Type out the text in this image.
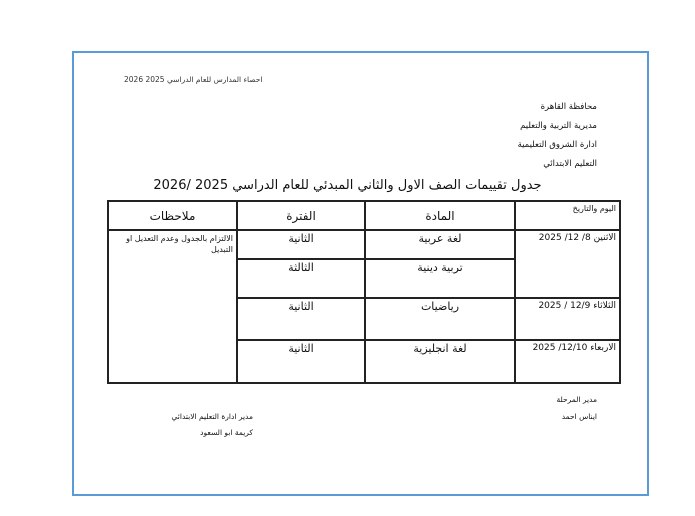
احصاء المدارس للعام الدراسي 2025 2026
محافظة القاهرة
مديرية التربية والتعليم
ادارة الشروق التعليمية
التعليم الابتدائي
جدول تقييمات الصف الاول والثاني المبدئي للعام الدراسي 2025 /2026
اليوم والتاريخ	المادة	الفترة	ملاحظات
الاثنين 8/ 12/ 2025	لغة عربية	الثانية	الالتزام بالجدول وعدم التعديل او التبديل
	تربية دينية	الثالثة	
الثلاثاء 12/9 / 2025	رياضيات	الثانية	
الاربعاء 12/10/ 2025	لغة انجليزية	الثانية	
مدير المرحلة
ايناس احمد
مدير ادارة التعليم الابتدائي
كريمة ابو السعود
